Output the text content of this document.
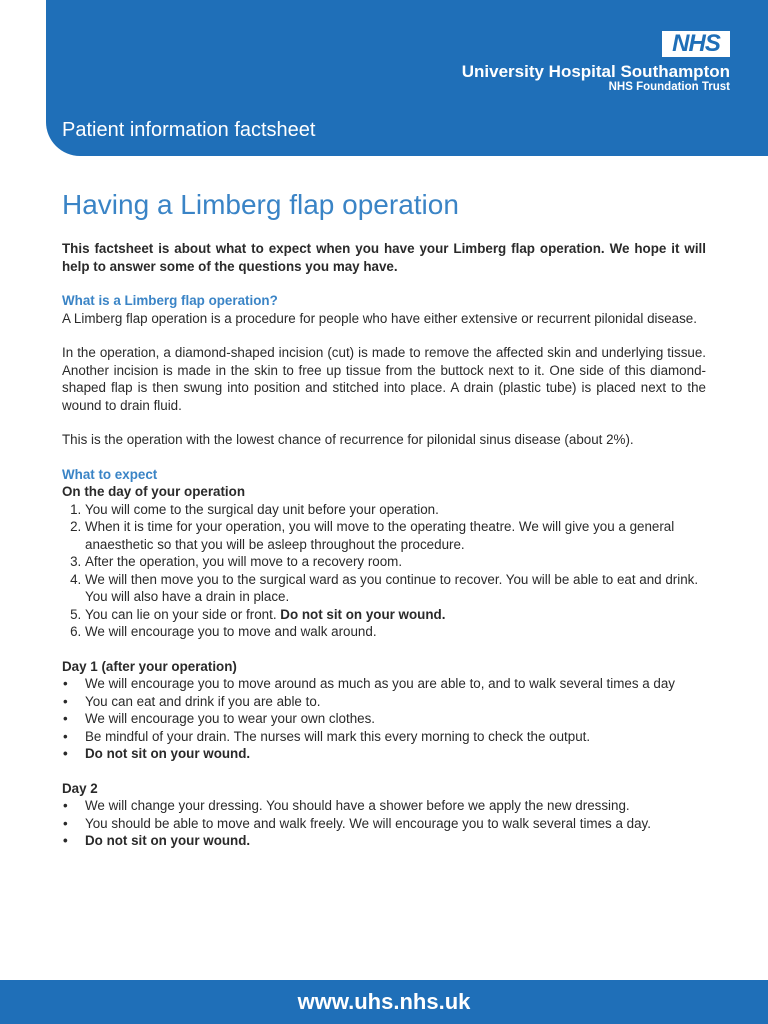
NHS
University Hospital Southampton
NHS Foundation Trust
Patient information factsheet
Having a Limberg flap operation

This factsheet is about what to expect when you have your Limberg flap operation. We hope it will help to answer some of the questions you may have.

What is a Limberg flap operation?

A Limberg flap operation is a procedure for people who have either extensive or recurrent pilonidal disease.

In the operation, a diamond-shaped incision (cut) is made to remove the affected skin and underlying tissue. Another incision is made in the skin to free up tissue from the buttock next to it. One side of this diamond-shaped flap is then swung into position and stitched into place. A drain (plastic tube) is placed next to the wound to drain fluid.

This is the operation with the lowest chance of recurrence for pilonidal sinus disease (about 2%).

What to expect
On the day of your operation
1. You will come to the surgical day unit before your operation.
2. When it is time for your operation, you will move to the operating theatre. We will give you a general anaesthetic so that you will be asleep throughout the procedure.
3. After the operation, you will move to a recovery room.
4. We will then move you to the surgical ward as you continue to recover. You will be able to eat and drink. You will also have a drain in place.
5. You can lie on your side or front. Do not sit on your wound.
6. We will encourage you to move and walk around.
Day 1 (after your operation)
• We will encourage you to move around as much as you are able to, and to walk several times a day
• You can eat and drink if you are able to.
• We will encourage you to wear your own clothes.
• Be mindful of your drain. The nurses will mark this every morning to check the output.
• Do not sit on your wound.
Day 2
• We will change your dressing. You should have a shower before we apply the new dressing.
• You should be able to move and walk freely. We will encourage you to walk several times a day.
• Do not sit on your wound.
www.uhs.nhs.uk
